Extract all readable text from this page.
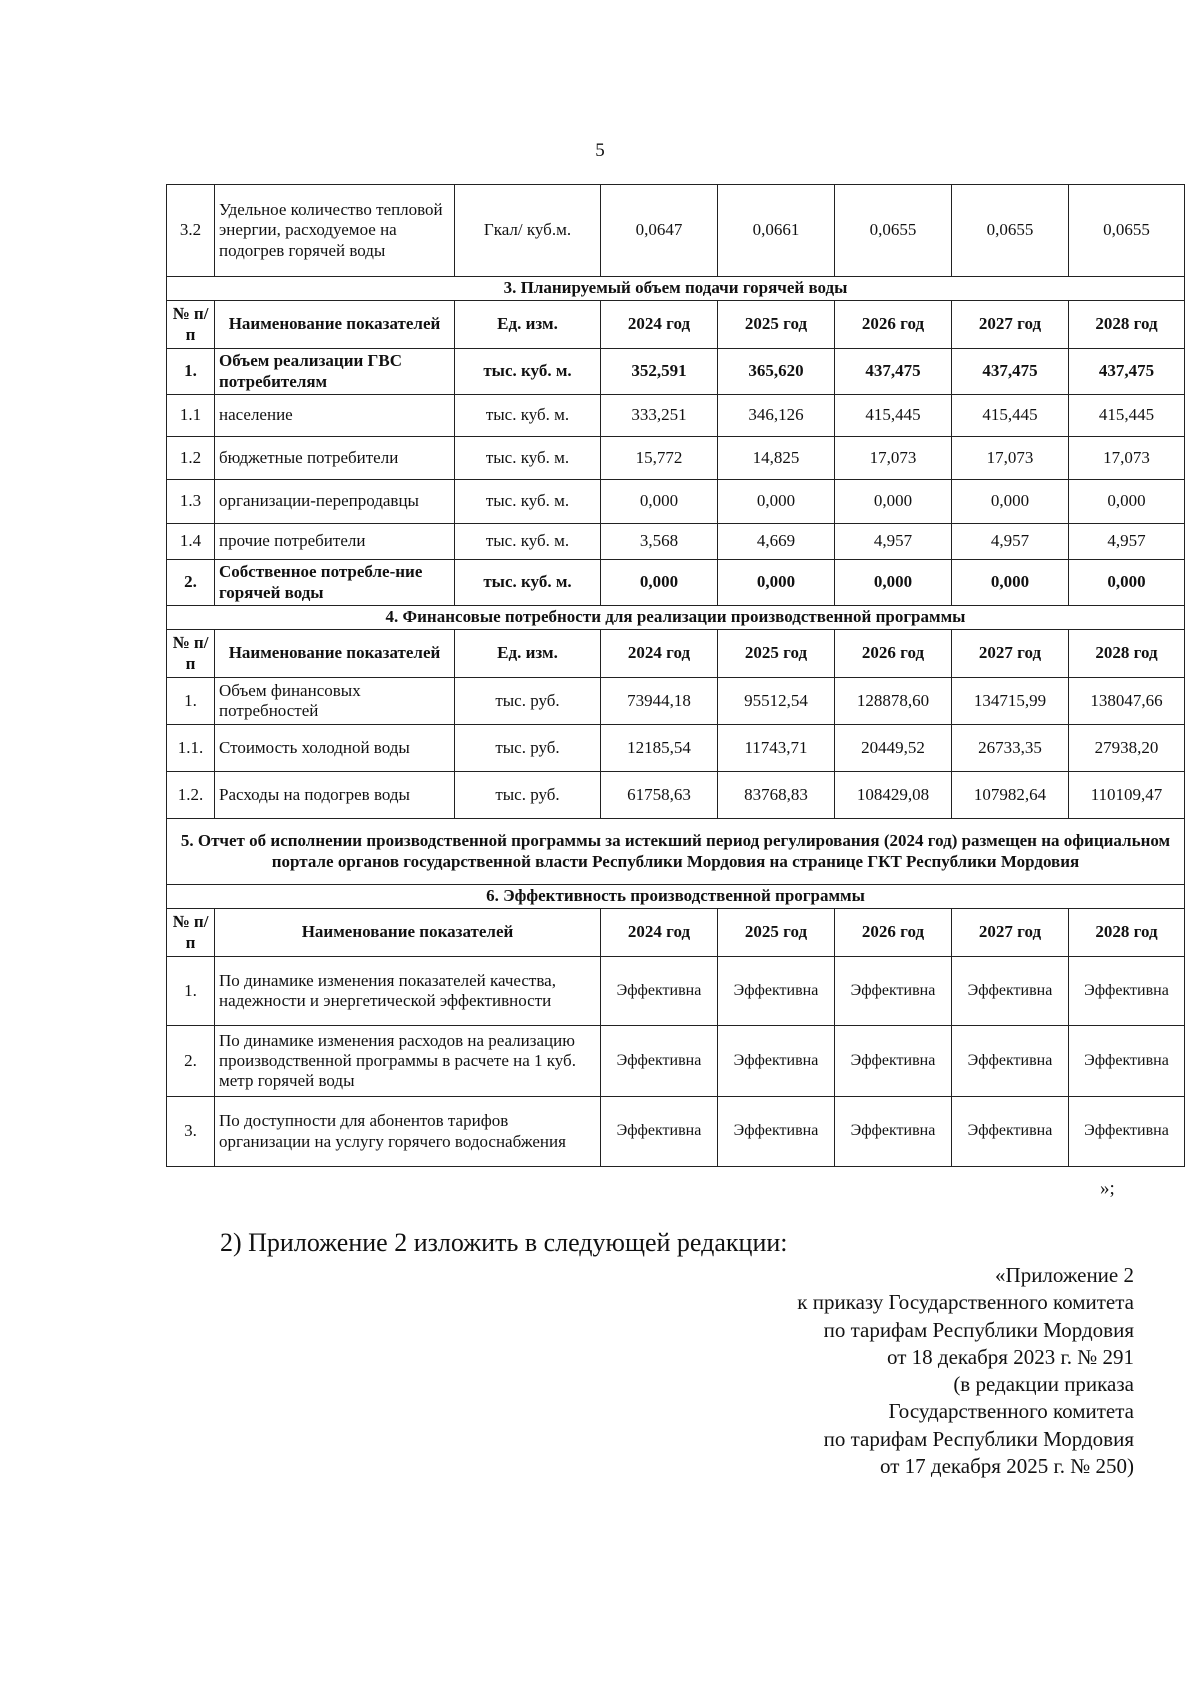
5
3.2	Удельное количество тепловой энергии, расходуемое на подогрев горячей воды	Гкал/ куб.м.	0,0647	0,0661	0,0655	0,0655	0,0655
3. Планируемый объем подачи горячей воды							
№ п/п	Наименование показателей	Ед. изм.	2024 год	2025 год	2026 год	2027 год	2028 год
1.	Объем реализации ГВС потребителям	тыс. куб. м.	352,591	365,620	437,475	437,475	437,475
1.1	население	тыс. куб. м.	333,251	346,126	415,445	415,445	415,445
1.2	бюджетные потребители	тыс. куб. м.	15,772	14,825	17,073	17,073	17,073
1.3	организации-перепродавцы	тыс. куб. м.	0,000	0,000	0,000	0,000	0,000
1.4	прочие потребители	тыс. куб. м.	3,568	4,669	4,957	4,957	4,957
2.	Собственное потребле-ние горячей воды	тыс. куб. м.	0,000	0,000	0,000	0,000	0,000
4. Финансовые потребности для реализации производственной программы							
№ п/п	Наименование показателей	Ед. изм.	2024 год	2025 год	2026 год	2027 год	2028 год
1.	Объем финансовых потребностей	тыс. руб.	73944,18	95512,54	128878,60	134715,99	138047,66
1.1.	Стоимость холодной воды	тыс. руб.	12185,54	11743,71	20449,52	26733,35	27938,20
1.2.	Расходы на подогрев воды	тыс. руб.	61758,63	83768,83	108429,08	107982,64	110109,47
5. Отчет об исполнении производственной программы за истекший период регулирования (2024 год) размещен на официальном портале органов государственной власти Республики Мордовия на странице ГКТ Республики Мордовия							
6. Эффективность производственной программы							
№ п/п	Наименование показателей		2024 год	2025 год	2026 год	2027 год	2028 год
1.	По динамике изменения показателей качества, надежности и энергетической эффективности		Эффективна	Эффективна	Эффективна	Эффективна	Эффективна
2.	По динамике изменения расходов на реализацию производственной программы в расчете на 1 куб. метр горячей воды		Эффективна	Эффективна	Эффективна	Эффективна	Эффективна
3.	По доступности для абонентов тарифов организации на услугу горячего водоснабжения		Эффективна	Эффективна	Эффективна	Эффективна	Эффективна
»;
2) Приложение 2 изложить в следующей редакции:
«Приложение 2
к приказу Государственного комитета
по тарифам Республики Мордовия
от 18 декабря 2023 г. № 291
(в редакции приказа
Государственного комитета
по тарифам Республики Мордовия
от 17 декабря 2025 г. № 250)
